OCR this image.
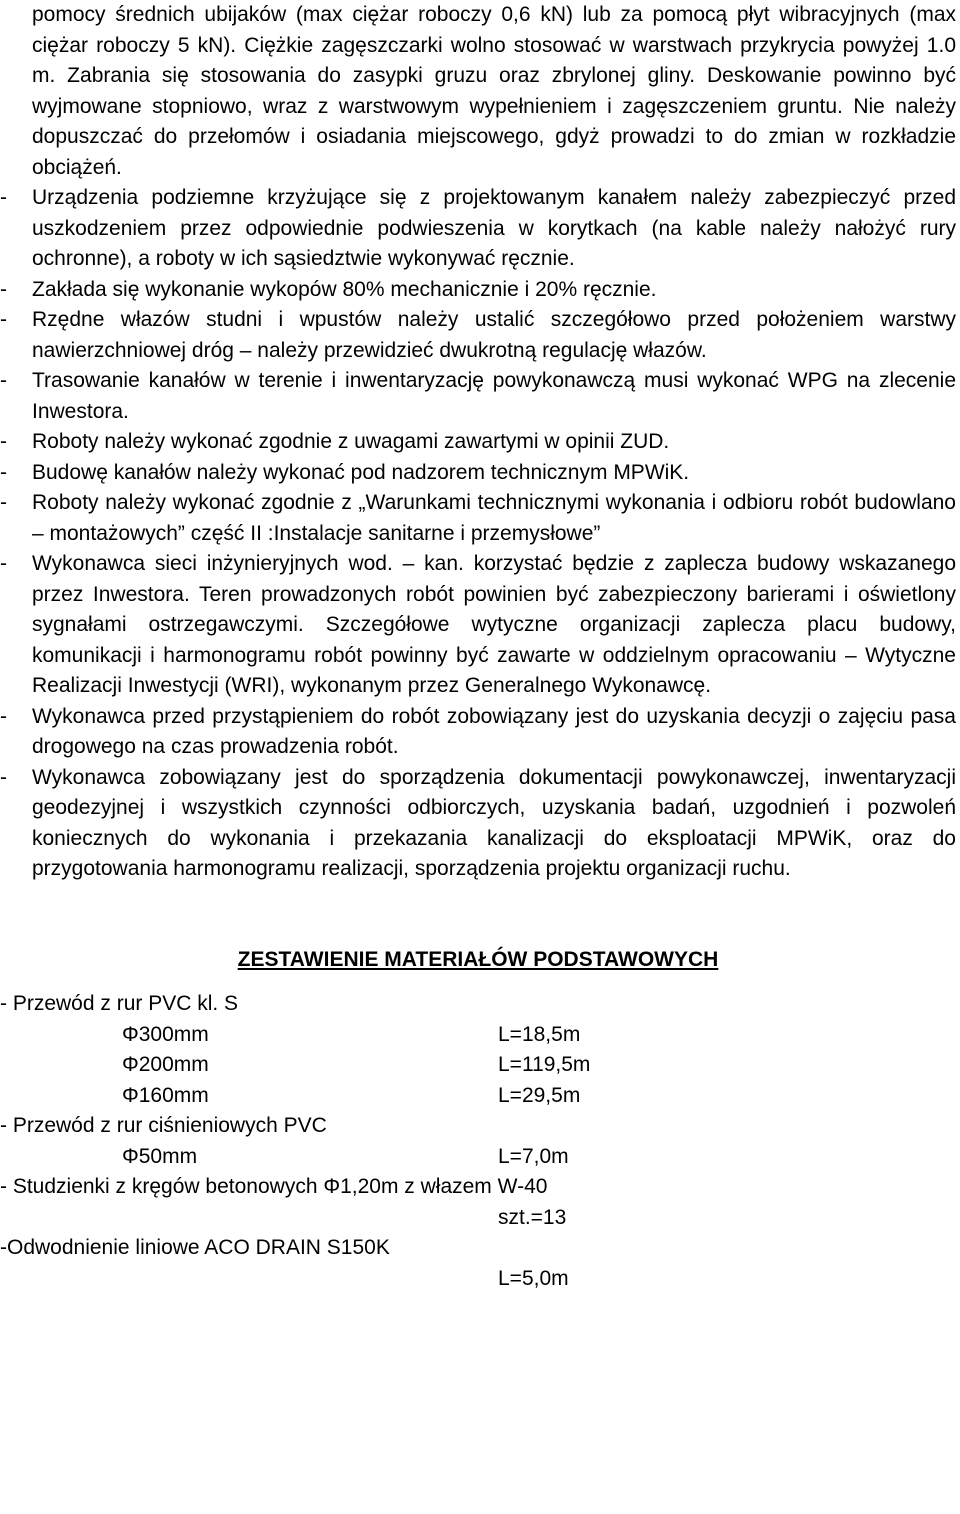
pomocy średnich ubijaków (max ciężar roboczy 0,6 kN) lub za pomocą płyt wibracyjnych (max ciężar roboczy 5 kN). Ciężkie zagęszczarki wolno stosować w warstwach przykrycia powyżej 1.0 m. Zabrania się stosowania do zasypki gruzu oraz zbrylonej gliny. Deskowanie powinno być wyjmowane stopniowo, wraz z warstwowym wypełnieniem i zagęszczeniem gruntu. Nie należy dopuszczać do przełomów i osiadania miejscowego, gdyż prowadzi to do zmian w rozkładzie obciążeń.
- Urządzenia podziemne krzyżujące się z projektowanym kanałem należy zabezpieczyć przed uszkodzeniem przez odpowiednie podwieszenia w korytkach (na kable należy nałożyć rury ochronne), a roboty w ich sąsiedztwie wykonywać ręcznie.
- Zakłada się wykonanie wykopów 80% mechanicznie i 20% ręcznie.
- Rzędne włazów studni i wpustów należy ustalić szczegółowo przed położeniem warstwy nawierzchniowej dróg – należy przewidzieć dwukrotną regulację włazów.
- Trasowanie kanałów w terenie i inwentaryzację powykonawczą musi wykonać WPG na zlecenie Inwestora.
- Roboty należy wykonać zgodnie z uwagami zawartymi w opinii ZUD.
- Budowę kanałów należy wykonać pod nadzorem technicznym MPWiK.
- Roboty należy wykonać zgodnie z „Warunkami technicznymi wykonania i odbioru robót budowlano – montażowych” część II :Instalacje sanitarne i przemysłowe”
- Wykonawca sieci inżynieryjnych wod. – kan. korzystać będzie z zaplecza budowy wskazanego przez Inwestora. Teren prowadzonych robót powinien być zabezpieczony barierami i oświetlony sygnałami ostrzegawczymi. Szczegółowe wytyczne organizacji zaplecza placu budowy, komunikacji i harmonogramu robót powinny być zawarte w oddzielnym opracowaniu – Wytyczne Realizacji Inwestycji (WRI), wykonanym przez Generalnego Wykonawcę.
- Wykonawca przed przystąpieniem do robót zobowiązany jest do uzyskania decyzji o zajęciu pasa drogowego na czas prowadzenia robót.
- Wykonawca zobowiązany jest do sporządzenia dokumentacji powykonawczej, inwentaryzacji geodezyjnej i wszystkich czynności odbiorczych, uzyskania badań, uzgodnień i pozwoleń koniecznych do wykonania i przekazania kanalizacji do eksploatacji MPWiK, oraz do przygotowania harmonogramu realizacji, sporządzenia projektu organizacji ruchu.
ZESTAWIENIE MATERIAŁÓW PODSTAWOWYCH
- Przewód z rur PVC kl. S
Φ300mm	L=18,5m
Φ200mm	L=119,5m
Φ160mm	L=29,5m
- Przewód z rur ciśnieniowych PVC
Φ50mm	L=7,0m
- Studzienki z kręgów betonowych Φ1,20m z włazem W-40
szt.=13
-Odwodnienie liniowe ACO DRAIN S150K
L=5,0m
